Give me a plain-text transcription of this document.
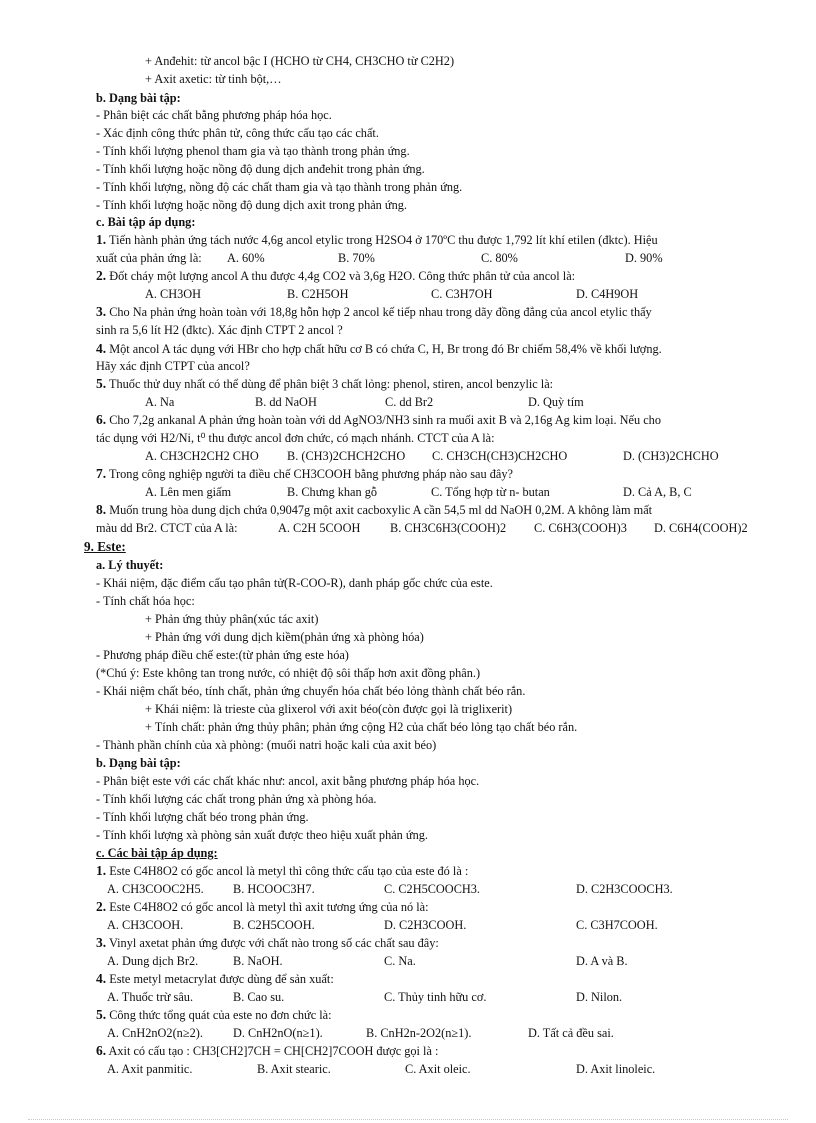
+ Anđehit: từ ancol bậc I (HCHO từ CH4, CH3CHO từ C2H2)
+ Axit axetic: từ tinh bột,…
b. Dạng bài tập:
- Phân biệt các chất bằng phương pháp hóa học.
- Xác định công thức phân tử, công thức cấu tạo các chất.
- Tính khối lượng phenol tham gia và tạo thành trong phản ứng.
- Tính khối lượng hoặc nồng độ dung dịch anđehit trong phản ứng.
- Tính khối lượng, nồng độ các chất tham gia và tạo thành trong phản ứng.
- Tính khối lượng hoặc nồng độ dung dịch axit trong phản ứng.
c. Bài tập áp dụng:
1. Tiến hành phản ứng tách nước 4,6g ancol etylic trong H2SO4 ở 170ºC thu được 1,792 lít khí etilen (đktc). Hiệu
xuất của phản ứng là: A. 60%	B. 70%	C. 80%	D. 90%
2. Đốt cháy một lượng ancol A thu được 4,4g CO2 và 3,6g H2O. Công thức phân tử của ancol là:
A. CH3OH	B. C2H5OH	C. C3H7OH	D. C4H9OH
3. Cho Na phản ứng hoàn toàn với 18,8g hỗn hợp 2 ancol kế tiếp nhau trong dãy đồng đẳng của ancol etylic thấy
sinh ra 5,6 lít H2 (đktc). Xác định CTPT 2 ancol ?
4. Một ancol A tác dụng với HBr cho hợp chất hữu cơ B có chứa C, H, Br trong đó Br chiếm 58,4% về khối lượng.
Hãy xác định CTPT của ancol?
5. Thuốc thử duy nhất có thể dùng để phân biệt 3 chất lỏng: phenol, stiren, ancol benzylic là:
A. Na	B. dd NaOH	C. dd Br2	D. Quỳ tím
6. Cho 7,2g ankanal A phản ứng hoàn toàn với dd AgNO3/NH3 sinh ra muối axit B và 2,16g Ag kim loại. Nếu cho
tác dụng với H2/Ni, t⁰ thu được ancol đơn chức, có mạch nhánh. CTCT của A là:
A. CH3CH2CH2 CHO B. (CH3)2CHCH2CHO C. CH3CH(CH3)CH2CHO	D. (CH3)2CHCHO
7. Trong công nghiệp người ta điều chế CH3COOH bằng phương pháp nào sau đây?
A. Lên men giấm	B. Chưng khan gỗ	C. Tổng hợp từ n- butan	D. Cả A, B, C
8. Muốn trung hòa dung dịch chứa 0,9047g một axit cacboxylic A cần 54,5 ml dd NaOH 0,2M. A không làm mất
màu dd Br2. CTCT của A là:	A. C2H 5COOH B. CH3C6H3(COOH)2 C. C6H3(COOH)3 D. C6H4(COOH)2
9. Este:
a. Lý thuyết:
- Khái niệm, đặc điểm cấu tạo phân tử(R-COO-R), danh pháp gốc chức của este.
- Tính chất hóa học:
+ Phản ứng thủy phân(xúc tác axit)
+ Phản ứng với dung dịch kiềm(phản ứng xà phòng hóa)
- Phương pháp điều chế este:(từ phản ứng este hóa)
(*Chú ý: Este không tan trong nước, có nhiệt độ sôi thấp hơn axit đồng phân.)
- Khái niệm chất béo, tính chất, phản ứng chuyển hóa chất béo lỏng thành chất béo rắn.
+ Khái niệm: là trieste của glixerol với axit béo(còn được gọi là triglixerit)
+ Tính chất: phản ứng thủy phân; phản ứng cộng H2 của chất béo lỏng tạo chất béo rắn.
- Thành phần chính của xà phòng: (muối natri hoặc kali của axit béo)
b. Dạng bài tập:
- Phân biệt este với các chất khác như: ancol, axit bằng phương pháp hóa học.
- Tính khối lượng các chất trong phản ứng xà phòng hóa.
- Tính khối lượng chất béo trong phản ứng.
- Tính khối lượng xà phòng sản xuất được theo hiệu xuất phản ứng.
c. Các bài tập áp dụng:
1. Este C4H8O2 có gốc ancol là metyl thì công thức cấu tạo của este đó là :
A. CH3COOC2H5. B. HCOOC3H7.	C. C2H5COOCH3.	D. C2H3COOCH3.
2. Este C4H8O2 có gốc ancol là metyl thì axit tương ứng của nó là:
A. CH3COOH.	B. C2H5COOH.	D. C2H3COOH.	C. C3H7COOH.
3. Vinyl axetat phản ứng được với chất nào trong số các chất sau đây:
A. Dung dịch Br2.	B. NaOH.	C. Na.	D. A và B.
4. Este metyl metacrylat được dùng để sản xuất:
A. Thuốc trừ sâu.	B. Cao su.	C. Thủy tinh hữu cơ.	D. Nilon.
5. Công thức tổng quát của este no đơn chức là:
A. CnH2nO2(n≥2). D. CnH2nO(n≥1).	B. CnH2n-2O2(n≥1).	D. Tất cả đều sai.
6. Axit có cấu tạo : CH3[CH2]7CH = CH[CH2]7COOH được gọi là :
A. Axit panmitic.	B. Axit stearic.	C. Axit oleic.	D. Axit linoleic.
